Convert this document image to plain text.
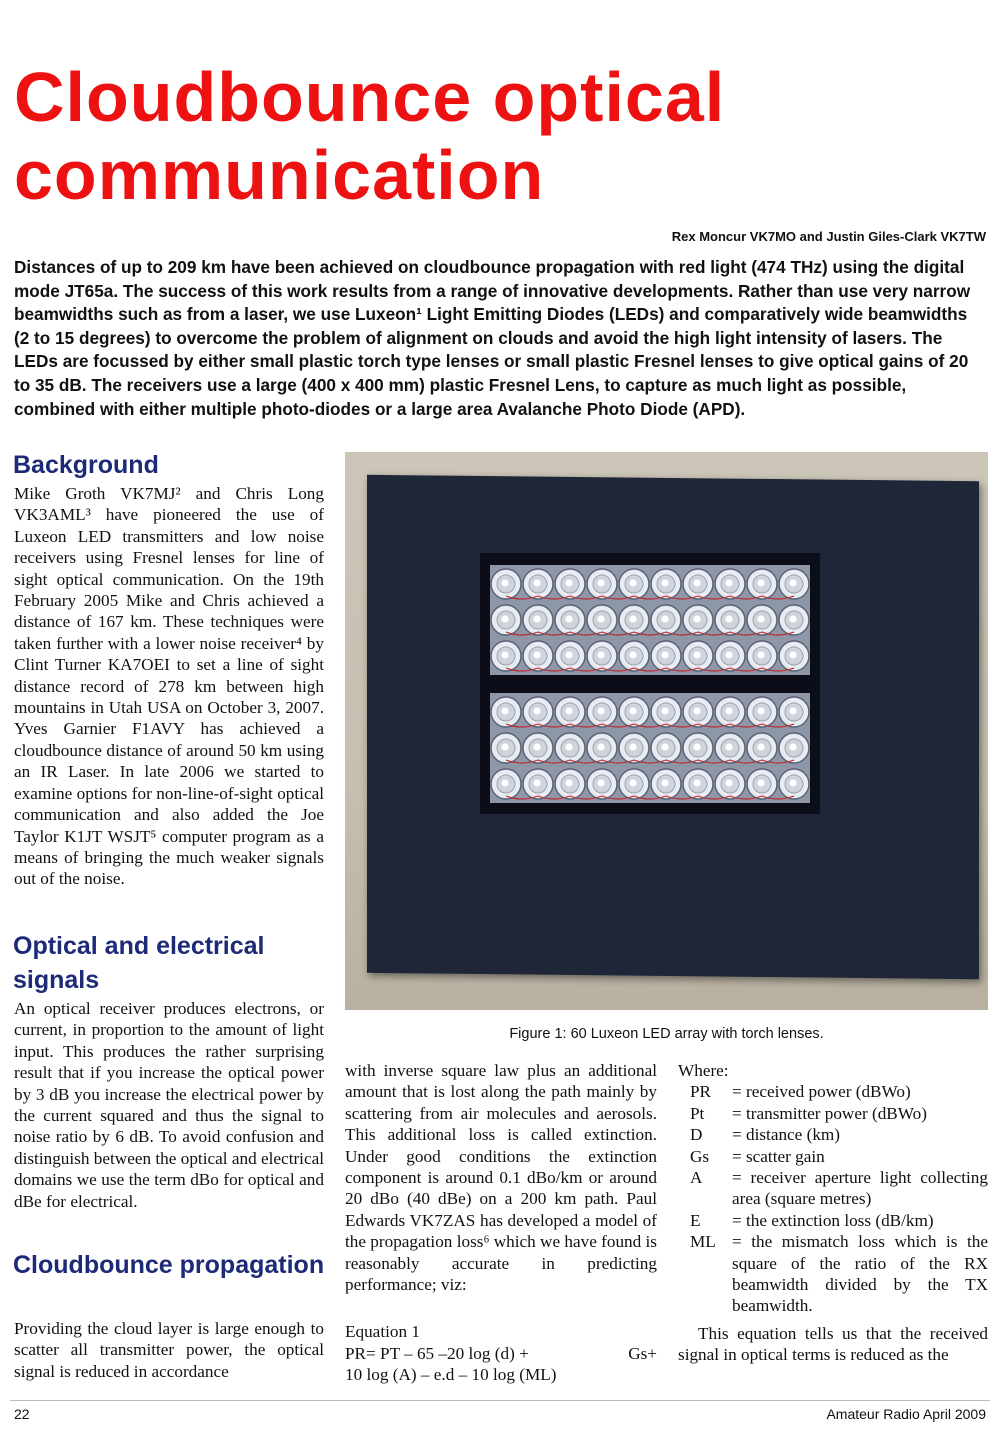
Cloudbounce optical communication

Rex Moncur VK7MO and Justin Giles-Clark VK7TW

Distances of up to 209 km have been achieved on cloudbounce propagation with red light (474 THz) using the digital mode JT65a. The success of this work results from a range of innovative developments. Rather than use very narrow beamwidths such as from a laser, we use Luxeon¹ Light Emitting Diodes (LEDs) and comparatively wide beamwidths (2 to 15 degrees) to overcome the problem of alignment on clouds and avoid the high light intensity of lasers. The LEDs are focussed by either small plastic torch type lenses or small plastic Fresnel lenses to give optical gains of 20 to 35 dB. The receivers use a large (400 x 400 mm) plastic Fresnel Lens, to capture as much light as possible, combined with either multiple photo-diodes or a large area Avalanche Photo Diode (APD).

Background

Mike Groth VK7MJ² and Chris Long VK3AML³ have pioneered the use of Luxeon LED transmitters and low noise receivers using Fresnel lenses for line of sight optical communication. On the 19th February 2005 Mike and Chris achieved a distance of 167 km. These techniques were taken further with a lower noise receiver⁴ by Clint Turner KA7OEI to set a line of sight distance record of 278 km between high mountains in Utah USA on October 3, 2007. Yves Garnier F1AVY has achieved a cloudbounce distance of around 50 km using an IR Laser. In late 2006 we started to examine options for non-line-of-sight optical communication and also added the Joe Taylor K1JT WSJT⁵ computer program as a means of bringing the much weaker signals out of the noise.

Optical and electrical signals

An optical receiver produces electrons, or current, in proportion to the amount of light input. This produces the rather surprising result that if you increase the optical power by 3 dB you increase the electrical power by the current squared and thus the signal to noise ratio by 6 dB. To avoid confusion and distinguish between the optical and electrical domains we use the term dBo for optical and dBe for electrical.

Cloudbounce propagation

Providing the cloud layer is large enough to scatter all transmitter power, the optical signal is reduced in accordance

Figure 1: 60 Luxeon LED array with torch lenses.

with inverse square law plus an additional amount that is lost along the path mainly by scattering from air molecules and aerosols. This additional loss is called extinction. Under good conditions the extinction component is around 0.1 dBo/km or around 20 dBo (40 dBe) on a 200 km path. Paul Edwards VK7ZAS has developed a model of the propagation loss⁶ which we have found is reasonably accurate in predicting performance; viz:

Equation 1

PR= PT – 65 –20 log (d) +	Gs+

10 log (A) – e.d – 10 log (ML)

Where:

PR	= received power (dBWo)
Pt	= transmitter power (dBWo)
D	= distance (km)
Gs	= scatter gain
A	= receiver aperture light collecting area (square metres)
E	= the extinction loss (dB/km)
ML = the mismatch loss which is the square of the ratio of the RX beamwidth divided by the TX beamwidth.

This equation tells us that the received signal in optical terms is reduced as the

22	Amateur Radio April 2009
